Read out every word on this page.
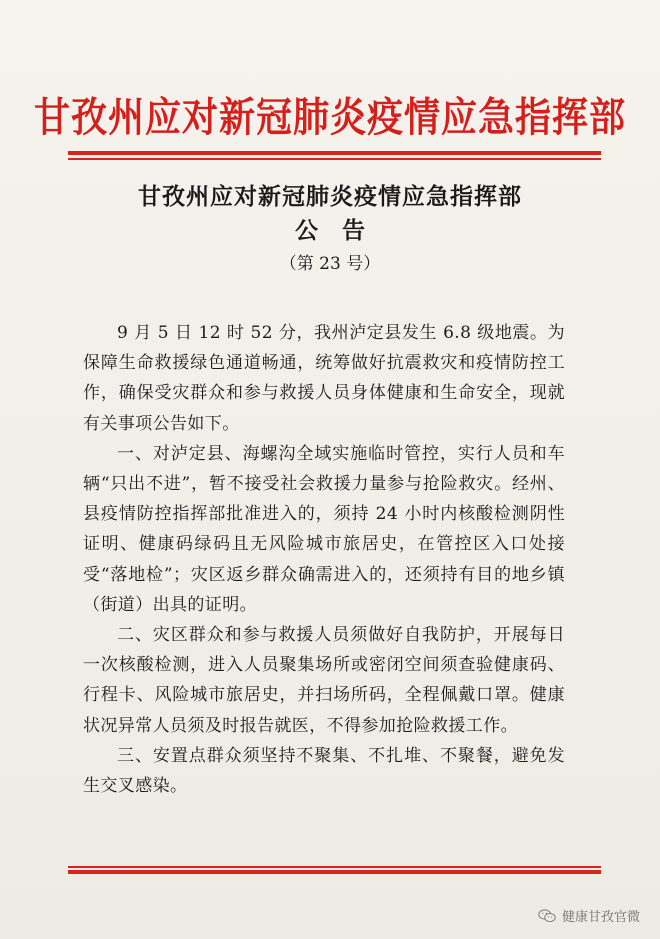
甘孜州应对新冠肺炎疫情应急指挥部
甘孜州应对新冠肺炎疫情应急指挥部
公告
（第 23 号）

9 月 5 日 12 时 52 分，我州泸定县发生 6.8 级地震。为保障生命救援绿色通道畅通，统筹做好抗震救灾和疫情防控工作，确保受灾群众和参与救援人员身体健康和生命安全，现就有关事项公告如下。

一、对泸定县、海螺沟全域实施临时管控，实行人员和车辆“只出不进”，暂不接受社会救援力量参与抢险救灾。经州、县疫情防控指挥部批准进入的，须持 24 小时内核酸检测阴性证明、健康码绿码且无风险城市旅居史，在管控区入口处接受“落地检”；灾区返乡群众确需进入的，还须持有目的地乡镇（街道）出具的证明。

二、灾区群众和参与救援人员须做好自我防护，开展每日一次核酸检测，进入人员聚集场所或密闭空间须查验健康码、行程卡、风险城市旅居史，并扫场所码，全程佩戴口罩。健康状况异常人员须及时报告就医，不得参加抢险救援工作。

三、安置点群众须坚持不聚集、不扎堆、不聚餐，避免发生交叉感染。

健康甘孜官微
